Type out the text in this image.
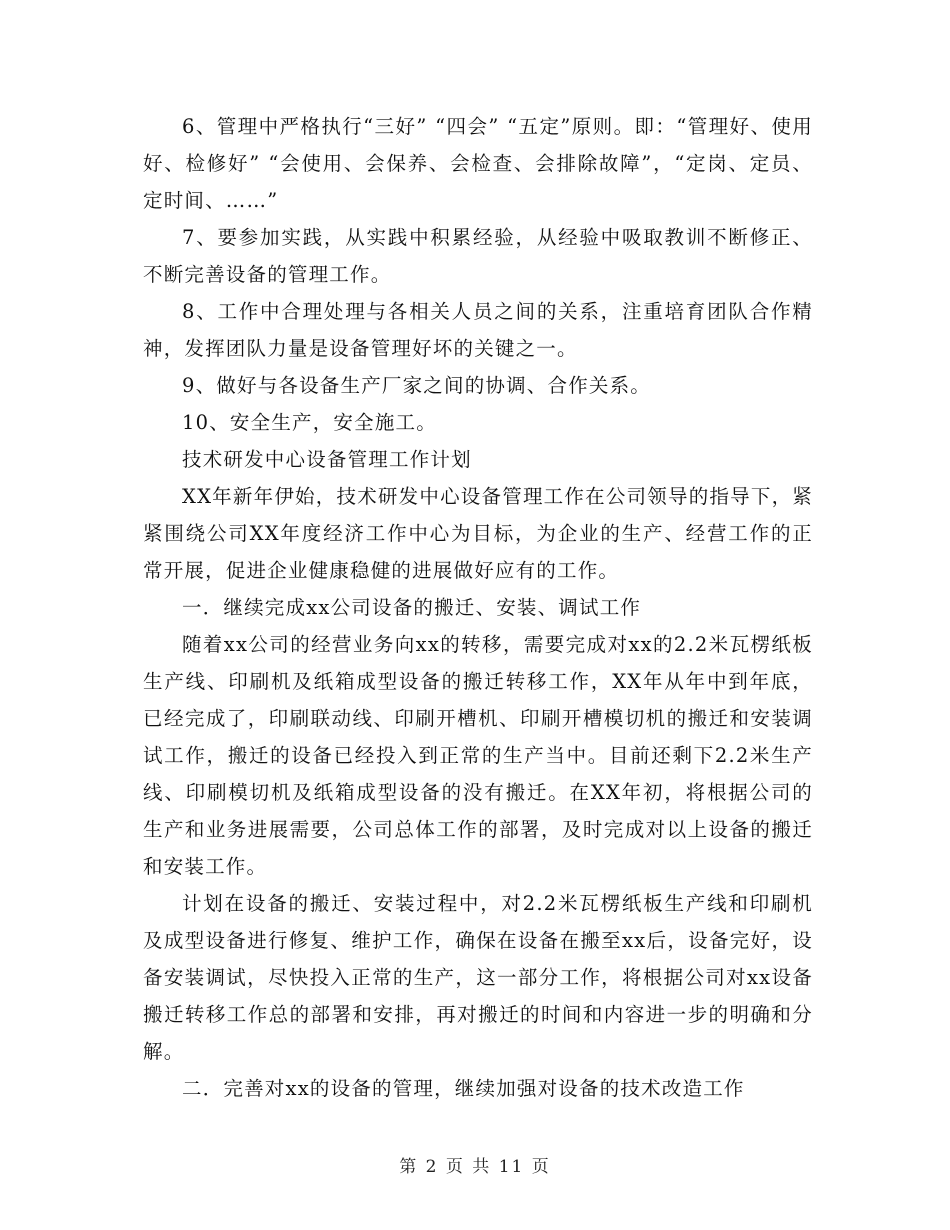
6、管理中严格执行“三好” “四会” “五定”原则。即：“管理好、使用好、检修好” “会使用、会保养、会检查、会排除故障”，“定岗、定员、定时间、……”

7、要参加实践，从实践中积累经验，从经验中吸取教训不断修正、不断完善设备的管理工作。

8、工作中合理处理与各相关人员之间的关系，注重培育团队合作精神，发挥团队力量是设备管理好坏的关键之一。

9、做好与各设备生产厂家之间的协调、合作关系。

10、安全生产，安全施工。

技术研发中心设备管理工作计划

XX年新年伊始，技术研发中心设备管理工作在公司领导的指导下，紧紧围绕公司XX年度经济工作中心为目标，为企业的生产、经营工作的正常开展，促进企业健康稳健的进展做好应有的工作。

一．继续完成xx公司设备的搬迁、安装、调试工作

随着xx公司的经营业务向xx的转移，需要完成对xx的2.2米瓦楞纸板生产线、印刷机及纸箱成型设备的搬迁转移工作，XX年从年中到年底，已经完成了，印刷联动线、印刷开槽机、印刷开槽模切机的搬迁和安装调试工作，搬迁的设备已经投入到正常的生产当中。目前还剩下2.2米生产线、印刷模切机及纸箱成型设备的没有搬迁。在XX年初，将根据公司的生产和业务进展需要，公司总体工作的部署，及时完成对以上设备的搬迁和安装工作。

计划在设备的搬迁、安装过程中，对2.2米瓦楞纸板生产线和印刷机及成型设备进行修复、维护工作，确保在设备在搬至xx后，设备完好，设备安装调试，尽快投入正常的生产，这一部分工作，将根据公司对xx设备搬迁转移工作总的部署和安排，再对搬迁的时间和内容进一步的明确和分解。

二．完善对xx的设备的管理，继续加强对设备的技术改造工作

第 2 页 共 11 页
